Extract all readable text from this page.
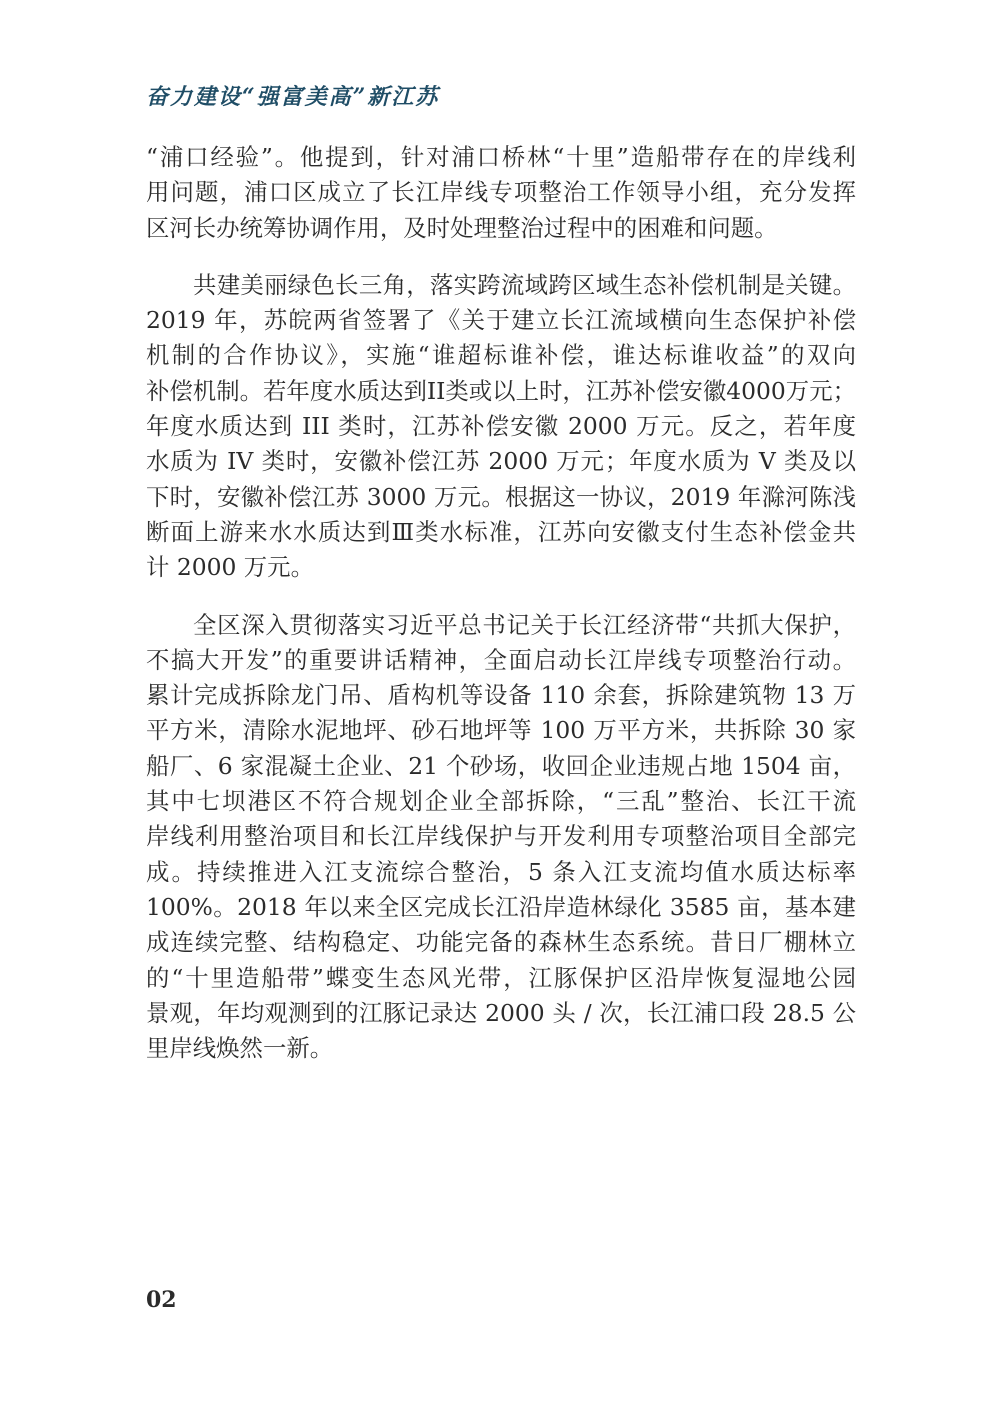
奋力建设“强富美高”新江苏
“浦口经验”。他提到，针对浦口桥林“十里”造船带存在的岸线利
用问题，浦口区成立了长江岸线专项整治工作领导小组，充分发挥
区河长办统筹协调作用，及时处理整治过程中的困难和问题。
共建美丽绿色长三角，落实跨流域跨区域生态补偿机制是关键。
2019 年，苏皖两省签署了《关于建立长江流域横向生态保护补偿
机制的合作协议》，实施“谁超标谁补偿，谁达标谁收益”的双向
补偿机制。若年度水质达到II类或以上时，江苏补偿安徽4000万元；
年度水质达到 III 类时，江苏补偿安徽 2000 万元。反之，若年度
水质为 IV 类时，安徽补偿江苏 2000 万元；年度水质为 V 类及以
下时，安徽补偿江苏 3000 万元。根据这一协议，2019 年滁河陈浅
断面上游来水水质达到Ⅲ类水标准，江苏向安徽支付生态补偿金共
计 2000 万元。
全区深入贯彻落实习近平总书记关于长江经济带“共抓大保护，
不搞大开发”的重要讲话精神，全面启动长江岸线专项整治行动。
累计完成拆除龙门吊、盾构机等设备 110 余套，拆除建筑物 13 万
平方米，清除水泥地坪、砂石地坪等 100 万平方米，共拆除 30 家
船厂、6 家混凝土企业、21 个砂场，收回企业违规占地 1504 亩，
其中七坝港区不符合规划企业全部拆除，“三乱”整治、长江干流
岸线利用整治项目和长江岸线保护与开发利用专项整治项目全部完
成。持续推进入江支流综合整治，5 条入江支流均值水质达标率
100%。2018 年以来全区完成长江沿岸造林绿化 3585 亩，基本建
成连续完整、结构稳定、功能完备的森林生态系统。昔日厂棚林立
的“十里造船带”蝶变生态风光带，江豚保护区沿岸恢复湿地公园
景观，年均观测到的江豚记录达 2000 头 / 次，长江浦口段 28.5 公
里岸线焕然一新。
02
